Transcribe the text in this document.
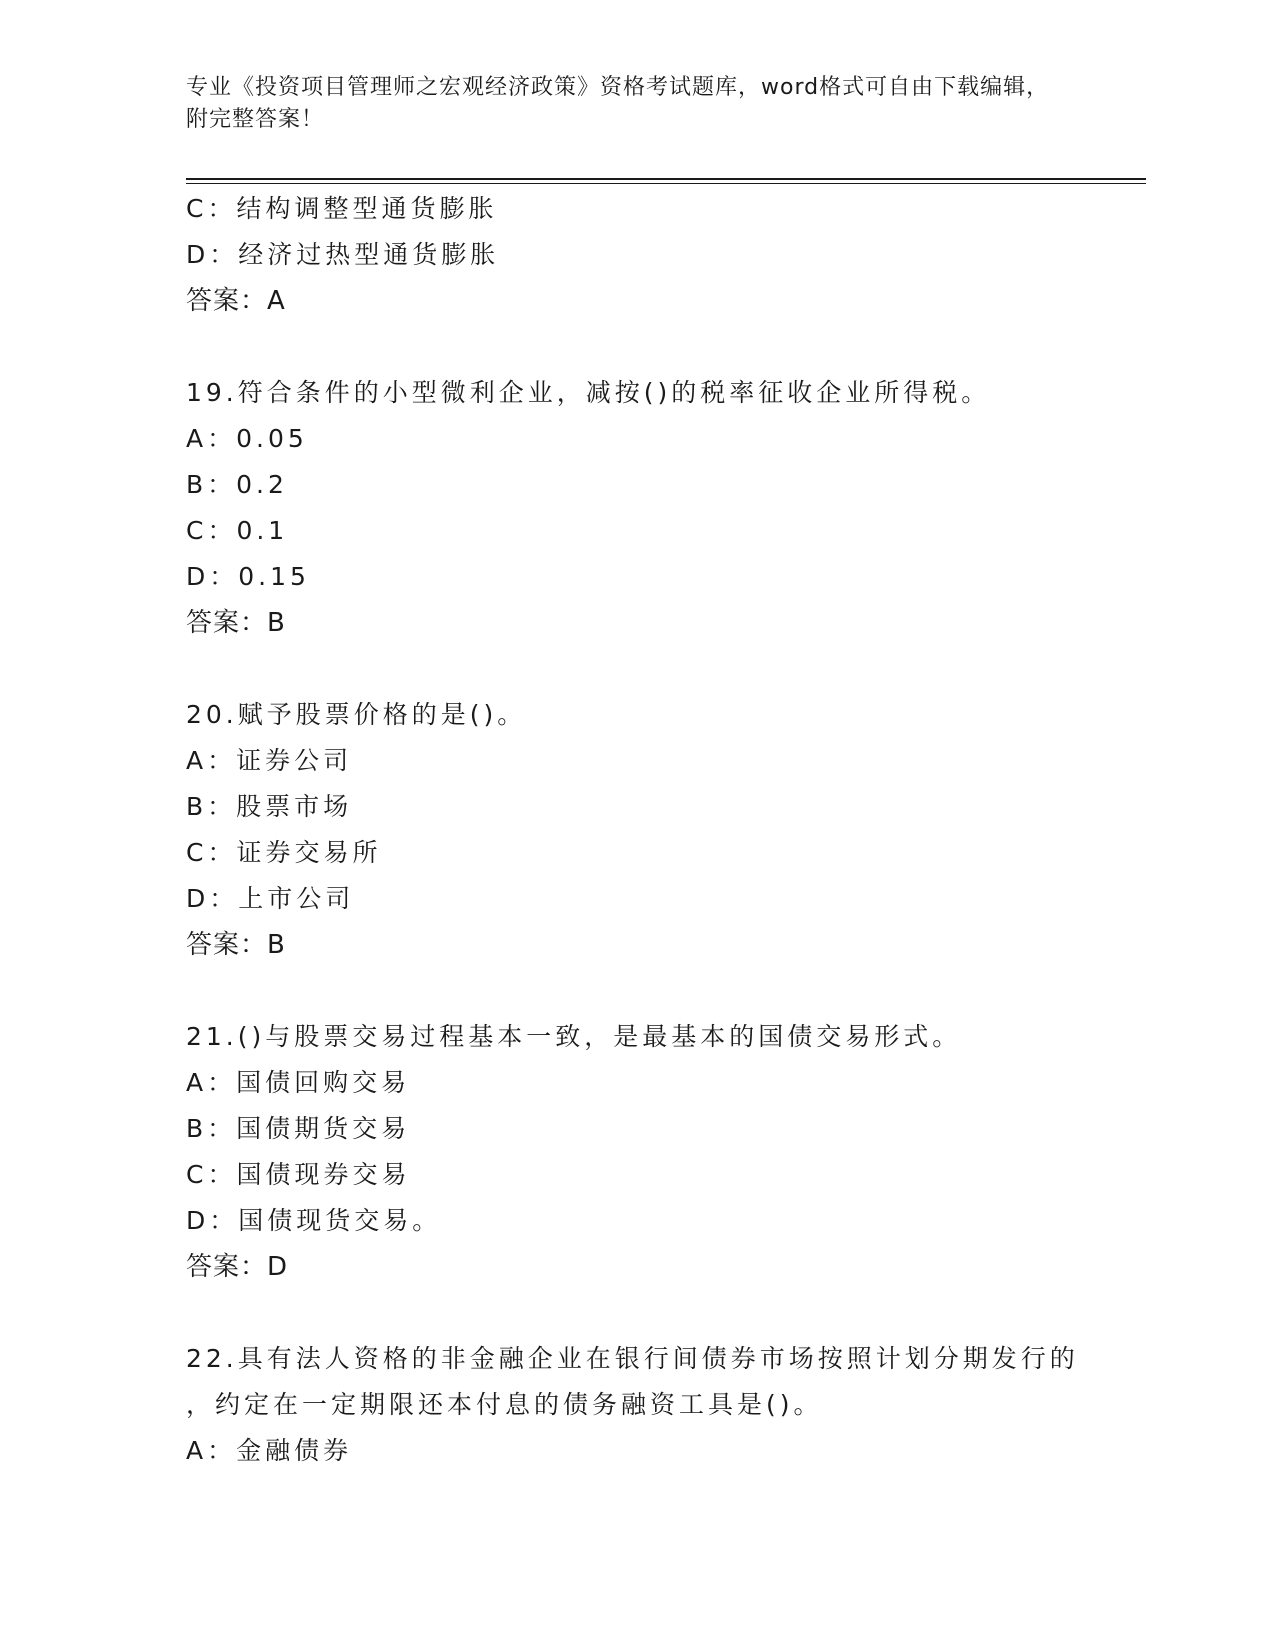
专业《投资项目管理师之宏观经济政策》资格考试题库，word格式可自由下载编辑，附完整答案！
C：结构调整型通货膨胀
D：经济过热型通货膨胀
答案：A
19.符合条件的小型微利企业，减按()的税率征收企业所得税。
A：0.05
B：0.2
C：0.1
D：0.15
答案：B
20.赋予股票价格的是()。
A：证券公司
B：股票市场
C：证券交易所
D：上市公司
答案：B
21.()与股票交易过程基本一致，是最基本的国债交易形式。
A：国债回购交易
B：国债期货交易
C：国债现券交易
D：国债现货交易。
答案：D
22.具有法人资格的非金融企业在银行间债券市场按照计划分期发行的
，约定在一定期限还本付息的债务融资工具是()。
A：金融债券
